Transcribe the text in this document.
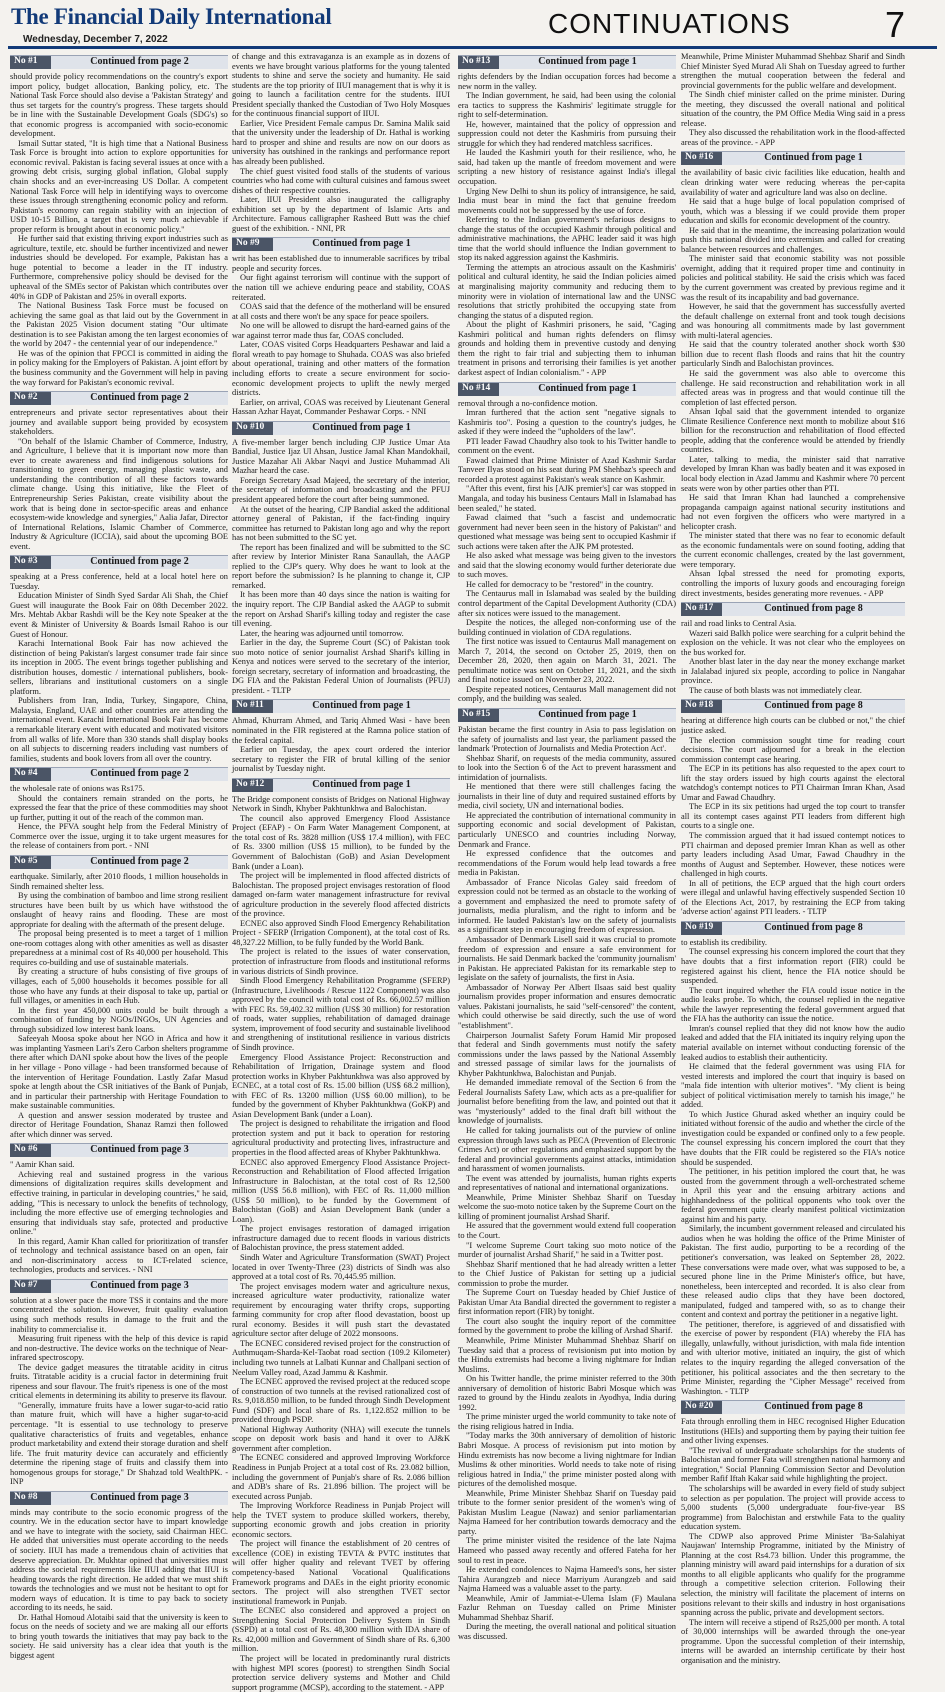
The Financial Daily International
Wednesday, December 7, 2022
CONTINUATIONS	7
No #1	Continued from page 2

should provide policy recommendations on the country's export import policy, budget allocation, Banking policy, etc. The National Task Force should also devise a 'Pakistan Strategy' and thus set targets for the country's progress. These targets should be in line with the Sustainable Development Goals (SDG's) so that economic progress is accompanied with socio-economic development.

Ismail Suttar stated, "It is high time that a National Business Task Force is brought into action to explore opportunities for economic revival. Pakistan is facing several issues at once with a growing debt crisis, surging global inflation, Global supply chain shocks and an ever-increasing US Dollar. A competent National Task Force will help in identifying ways to overcome these issues through strengthening economic policy and reform. Pakistan's economy can regain stability with an injection of USD 10-15 Billion, a target that is very much achievable if proper reform is brought about in economic policy."

He further said that existing thriving export industries such as agriculture, textile, etc. should be further incentivized and newer industries should be developed. For example, Pakistan has a huge potential to become a leader in the IT industry. Furthermore, comprehensive policy should be devised for the upheaval of the SMEs sector of Pakistan which contributes over 40% in GDP of Pakistan and 25% in overall exports.

The National Business Task Force must be focused on achieving the same goal as that laid out by the Government in the Pakistan 2025 Vision document stating "Our ultimate destination is to see Pakistan among the ten largest economies of the world by 2047 - the centennial year of our independence."

He was of the opinion that FPCCI is committed in aiding the in policy making for the Employers of Pakistan. A joint effort by the business community and the Government will help in paving the way forward for Pakistan's economic revival.

No #2	Continued from page 2

entrepreneurs and private sector representatives about their journey and available support being provided by ecosystem stakeholders.

"On behalf of the Islamic Chamber of Commerce, Industry, and Agriculture, I believe that it is important now more than ever to create awareness and find indigenous solutions for transitioning to green energy, managing plastic waste, and understanding the contribution of all these factors towards climate change. Using this initiative, like the Fleet of Entrepreneurship Series Pakistan, create visibility about the work that is being done in sector-specific areas and enhance ecosystem-wide knowledge and synergies," Aalia Jafar, Director of International Relations, Islamic Chamber of Commerce, Industry & Agriculture (ICCIA), said about the upcoming BOE event.

No #3	Continued from page 2

speaking at a Press conference, held at a local hotel here on Tuesday.

Education Minister of Sindh Syed Sardar Ali Shah, the Chief Guest will inaugurate the Book Fair on 08th December 2022. Mrs. Mehtab Akbar Rashdi will be the Key note Speaker at the event & Minister of University & Boards Ismail Rahoo is our Guest of Honour.

Karachi International Book Fair has now achieved the distinction of being Pakistan's largest consumer trade fair since its inception in 2005. The event brings together publishing and distribution houses, domestic / international publishers, book-sellers, librarians and institutional customers on a single platform.

Publishers from Iran, India, Turkey, Singapore, China, Malaysia, England, UAE and other countries are attending the international event. Karachi International Book Fair has become a remarkable literary event with educated and motivated visitors from all walks of life. More than 330 stands shall display books on all subjects to discerning readers including vast numbers of families, students and book lovers from all over the country.

No #4	Continued from page 2

the wholesale rate of onions was Rs175.

Should the containers remain stranded on the ports, he expressed the fear that the price of these commodities may shoot up further, putting it out of the reach of the common man.

Hence, the PFVA sought help from the Federal Ministry of Commerce over the issue, urging it to take urgent measures for the release of containers from port. - NNI

No #5	Continued from page 2

earthquake. Similarly, after 2010 floods, 1 million households in Sindh remained shelter less.

By using the combination of bamboo and lime strong resilient structures have been built by us which have withstood the onslaught of heavy rains and flooding. These are most appropriate for dealing with the aftermath of the present deluge.

The proposal being presented is to meet a target of 1 million one-room cottages along with other amenities as well as disaster preparedness at a minimal cost of Rs 40,000 per household. This requires co-building and use of sustainable materials.

By creating a structure of hubs consisting of five groups of villages, each of 5,000 households it becomes possible for all those who have any funds at their disposal to take up, partial or full villages, or amenities in each Hub.

In the first year 450,000 units could be built through a combination of funding by NGOs/INGOs, UN Agencies and through subsidized low interest bank loans.

Safeeyah Moosa spoke about her NGO in Africa and how it was implanting Yasmeen Lari's Zero Carbon shelters programme there after which DANI spoke about how the lives of the people in her village - Pono village - had been transformed because of the intervention of Heritage Foundation. Lastly Zafar Masud spoke at length about the CSR initiatives of the Bank of Punjab, and in particular their partnership with Heritage Foundation to make sustainable communities.

A question and answer session moderated by trustee and director of Heritage Foundation, Shanaz Ramzi then followed after which dinner was served.

No #6	Continued from page 3

" Aamir Khan said.

Achieving real and sustained progress in the various dimensions of digitalization requires skills development and effective training, in particular in developing countries," he said, adding, "This is necessary to unlock the benefits of technology, including the more effective use of emerging technologies and ensuring that individuals stay safe, protected and productive online."

In this regard, Aamir Khan called for prioritization of transfer of technology and technical assistance based on an open, fair and non-discriminatory access to ICT-related science, technologies, products and services. - NNI

No #7	Continued from page 3

solution at a slower pace the more TSS it contains and the more concentrated the solution. However, fruit quality evaluation using such methods results in damage to the fruit and the inability to commercialise it.

Measuring fruit ripeness with the help of this device is rapid and non-destructive. The device works on the technique of Near-infrared spectroscopy.

The device gadget measures the titratable acidity in citrus fruits. Titratable acidity is a crucial factor in determining fruit ripeness and sour flavour. The fruit's ripeness is one of the most critical elements in determining its ability to preserve its flavour.

"Generally, immature fruits have a lower sugar-to-acid ratio than mature fruit, which will have a higher sugar-to-acid percentage. "It is essential to use technology to preserve qualitative characteristics of fruits and vegetables, enhance product marketability and extend their storage duration and shelf life. The fruit maturity device can accurately and efficiently determine the ripening stage of fruits and classify them into homogenous groups for storage," Dr Shahzad told WealthPK. - INP

No #8	Continued from page 3

minds may contribute to the socio economic progress of the country. We in the education sector have to impart knowledge and we have to integrate with the society, said Chairman HEC. He added that universities must operate according to the needs of society. IIUI has made a tremendous chain of activities that deserve appreciation. Dr. Mukhtar opined that universities must address the societal requirements like IIUI adding that IIUI is heading towards the right direction. He added that we must shift towards the technologies and we must not be hesitant to opt for modern ways of education. It is time to pay back to society according to its needs, he said.

Dr. Hathal Homoud Alotaibi said that the university is keen to focus on the needs of society and we are making all our efforts to bring youth towards the initiatives that may pay back to the society. He said university has a clear idea that youth is the biggest agent

of change and this extravaganza is an example as in dozens of events we have brought various platforms for the young talented students to shine and serve the society and humanity. He said students are the top priority of IIUI management that is why it is going to launch a facilitation centre for the students. IIUI President specially thanked the Custodian of Two Holy Mosques for the continuous financial support of IIUI.

Earlier, Vice President Female campus Dr. Samina Malik said that the university under the leadership of Dr. Hathal is working hard to prosper and shine and results are now on our doors as university has outshined in the rankings and performance report has already been published.

The chief guest visited food stalls of the students of various countries who had come with cultural cuisines and famous sweet dishes of their respective countries.

Later, IIUI President also inaugurated the calligraphy exhibition set up by the department of Islamic Arts and Architecture. Famous calligrapher Rasheed Butt was the chief guest of the exhibition. - NNI, PR

No #9	Continued from page 1

writ has been established due to innumerable sacrifices by tribal people and security forces.

Our fight against terrorism will continue with the support of the nation till we achieve enduring peace and stability, COAS reiterated.

COAS said that the defence of the motherland will be ensured at all costs and there won't be any space for peace spoilers.

No one will be allowed to disrupt the hard-earned gains of the war against terror made thus far, COAS concluded.

Later, COAS visited Corps Headquarters Peshawar and laid a floral wreath to pay homage to Shuhada. COAS was also briefed about operational, training and other matters of the formation including efforts to create a secure environment for socio-economic development projects to uplift the newly merged districts.

Earlier, on arrival, COAS was received by Lieutenant General Hassan Azhar Hayat, Commander Peshawar Corps. - NNI

No #10	Continued from page 1

A five-member larger bench including CJP Justice Umar Ata Bandial, Justice Ijaz Ul Ahsan, Justice Jamal Khan Mandokhail, Justice Mazahar Ali Akbar Naqvi and Justice Muhammad Ali Mazhar heard the case.

Foreign Secretary Asad Majeed, the secretary of the interior, the secretary of information and broadcasting and the PFUJ president appeared before the court after being summoned.

At the outset of the hearing, CJP Bandial asked the additional attorney general of Pakistan, if the fact-finding inquiry committee has returned to Pakistan long ago and why the report has not been submitted to the SC yet.

The report has been finalized and will be submitted to the SC after review by Interior Minister Rana Sanaullah, the AAGP replied to the CJP's query. Why does he want to look at the report before the submission? Is he planning to change it, CJP remarked.

It has been more than 40 days since the nation is waiting for the inquiry report. The CJP Bandial asked the AAGP to submit the report on Arshad Sharif's killing today and register the case till evening.

Later, the hearing was adjourned until tomorrow.

Earlier in the day, the Supreme Court (SC) of Pakistan took suo moto notice of senior journalist Arshad Sharif's killing in Kenya and notices were served to the secretary of the interior, foreign secretary, secretary of information and broadcasting, the DG FIA and the Pakistan Federal Union of Journalists (PFUJ) president. - TLTP

No #11	Continued from page 1

Ahmad, Khurram Ahmed, and Tariq Ahmed Wasi - have been nominated in the FIR registered at the Ramna police station of the federal capital.

Earlier on Tuesday, the apex court ordered the interior secretary to register the FIR of brutal killing of the senior journalist by Tuesday night.

No #12	Continued from page 1

The Bridge component consists of Bridges on National Highway Network in Sindh, Khyber Pakhtunkhwa and Balochistan.

The council also approved Emergency Flood Assistance Project (EFAP) - On Farm Water Management Component, at the total cost of Rs. 3828 million (US$ 17.4 million), with FEC of Rs. 3300 million (US$ 15 million), to be funded by the Government of Balochistan (GoB) and Asian Development Bank (under a Loan).

The project will be implemented in flood affected districts of Balochistan. The proposed project envisages restoration of flood damaged on-farm water management infrastructure for revival of agriculture production in the severely flood affected districts of the province.

ECNEC also approved Sindh Flood Emergency Rehabilitation Project - SFERP (Irrigation Component), at the total cost of Rs. 48,327.22 Million, to be fully funded by the World Bank.

The project is related to the issues of water conservation, protection of infrastructure from floods and institutional reforms in various districts of Sindh province.

Sindh Flood Emergency Rehabilitation Programme (SFERP) (Infrastructure, Livelihoods / Rescue 1122 Component) was also approved by the council with total cost of Rs. 66,002.57 million with FEC Rs. 59,402.32 million (US$ 30 million) for restoration of roads, water supplies, rehabilitation of damaged drainage system, improvement of food security and sustainable livelihood and strengthening of institutional resilience in various districts of Sindh province.

Emergency Flood Assistance Project: Reconstruction and Rehabilitation of Irrigation, Drainage system and flood protection works in Khyber Pakhtunkhwa was also approved by ECNEC, at a total cost of Rs. 15.00 billion (US$ 68.2 million), with FEC of Rs. 13200 million (US$ 60.00 million), to be funded by the government of Khyber Pakhtunkhwa (GoKP) and Asian Development Bank (under a Loan).

The project is designed to rehabilitate the irrigation and flood protection system and put it back to operation for restoring agricultural productivity and protecting lives, infrastructure and properties in the flood affected areas of Khyber Pakhtunkhwa.

ECNEC also approved Emergency Flood Assistance Project-Reconstruction and Rehabilitation of Flood affected Irrigation Infrastructure in Balochistan, at the total cost of Rs 12,500 million (US$ 56.8 million), with FEC of Rs. 11,000 million (US$ 50 million), to be funded by the Government of Balochistan (GoB) and Asian Development Bank (under a Loan).

The project envisages restoration of damaged irrigation infrastructure damaged due to recent floods in various districts of Balochistan province, the press statement added.

Sindh Water and Agriculture Transformation (SWAT) Project located in over Twenty-Three (23) districts of Sindh was also approved at a total cost of Rs. 70,445.95 million.

The project envisages modern water and agriculture nexus, increased agriculture water productivity, rationalize water requirement by encouraging water thrifty crops, supporting farming community for crop after flood devastation, boost up rural economy. Besides it will push start the devastated agriculture sector after deluge of 2022 monsoons.

The ECNEC considered revised project for the construction of Authmuqam-Sharda-Kel-Taobat road section (109.2 Kilometer) including two tunnels at Lalbati Kunnar and Challpani section of Neelum Valley road, Azad Jammu & Kashmir.

The ECNEC approved the revised project at the reduced scope of construction of two tunnels at the revised rationalized cost of Rs. 9,018.850 million, to be funded through Sindh Development Fund (SDF) and local share of Rs. 1,122.852 million to be provided through PSDP.

National Highway Authority (NHA) will execute the tunnels scope on deposit work basis and hand it over to AJ&K government after completion.

The ECNEC considered and approved Improving Workforce Readiness in Punjab Project at a total cost of Rs. 23.082 billion, including the government of Punjab's share of Rs. 2.086 billion and ADB's share of Rs. 21.896 billion. The project will be executed across Punjab.

The Improving Workforce Readiness in Punjab Project will help the TVET system to produce skilled workers, thereby, supporting economic growth and jobs creation in priority economic sectors.

The project will finance the establishment of 20 centres of excellence (COE) in existing TEVTA & PVTC institutes that will offer higher quality and relevant TVET by offering competency-based National Vocational Qualifications Framework programs and DAEs in the eight priority economic sectors. The project will also strengthen TVET sector institutional framework in Punjab.

The ECNEC also considered and approved a project on Strengthening Social Protection Delivery System in Sindh (SSPD) at a total cost of Rs. 48,300 million with IDA share of Rs. 42,000 million and Government of Sindh share of Rs. 6,300 million.

The project will be located in predominantly rural districts with highest MPI scores (poorest) to strengthen Sindh Social protection service delivery systems and Mother and Child support programme (MCSP), according to the statement. - APP

No #13	Continued from page 1

rights defenders by the Indian occupation forces had become a new norm in the valley.

The Indian government, he said, had been using the colonial era tactics to suppress the Kashmiris' legitimate struggle for right to self-determination.

He, however, maintained that the policy of oppression and suppression could not deter the Kashmiris from pursuing their struggle for which they had rendered matchless sacrifices.

He lauded the Kashmiri youth for their resilience, who, he said, had taken up the mantle of freedom movement and were scripting a new history of resistance against India's illegal occupation.

Urging New Delhi to shun its policy of intransigence, he said, India must bear in mind the fact that genuine freedom movements could not be suppressed by the use of force.

Referring to the Indian government's nefarious designs to change the status of the occupied Kashmir through political and administrative machinations, the APHC leader said it was high time that the world should influence the Indian government to stop its naked aggression against the Kashmiris.

Terming the attempts an atrocious assault on the Kashmiris' political and cultural identity, he said the Indian policies aimed at marginalising majority community and reducing them to minority were in violation of international law and the UNSC resolutions that strictly prohibited the occupying state from changing the status of a disputed region.

About the plight of Kashmiri prisoners, he said, "Caging Kashmiri political and human rights defenders on flimsy grounds and holding them in preventive custody and denying them the right to fair trial and subjecting them to inhuman treatment in prisons and terrorising their families is yet another darkest aspect of Indian colonialism." - APP

No #14	Continued from page 1

removal through a no-confidence motion.

Imran furthered that the action sent "negative signals to Kashmiris too". Posing a question to the country's judges, he asked if they were indeed the "upholders of the law".

PTI leader Fawad Chaudhry also took to his Twitter handle to comment on the event.

Fawad claimed that Prime Minister of Azad Kashmir Sardar Tanveer Ilyas stood on his seat during PM Shehbaz's speech and recorded a protest against Pakistan's weak stance on Kashmir.

"After this event, first his [AJK premier's] car was stopped in Mangala, and today his business Centaurs Mall in Islamabad has been sealed," he stated.

Fawad claimed that "such a fascist and undemocratic government had never been seen in the history of Pakistan" and questioned what message was being sent to occupied Kashmir if such actions were taken after the AJK PM protested.

He also asked what message was being given to the investors and said that the slowing economy would further deteriorate due to such moves.

He called for democracy to be "restored" in the country.

The Centaurus mall in Islamabad was sealed by the building control department of the Capital Development Authority (CDA) after six notices were issued to the management.

Despite the notices, the alleged non-conforming use of the building continued in violation of CDA regulations.

The first notice was issued to Centaurus Mall management on March 7, 2014, the second on October 25, 2019, then on December 28, 2020, then again on March 31, 2021. The penultimate notice was sent on October 11, 2021, and the sixth and final notice issued on November 23, 2022.

Despite repeated notices, Centaurus Mall management did not comply, and the building was sealed.

No #15	Continued from page 1

Pakistan became the first country in Asia to pass legislation on the safety of journalists and last year, the parliament passed the landmark 'Protection of Journalists and Media Protection Act'.

Shehbaz Sharif, on requests of the media community, assured to look into the Section 6 of the Act to prevent harassment and intimidation of journalists.

He mentioned that there were still challenges facing the journalists in their line of duty and required sustained efforts by media, civil society, UN and international bodies.

He appreciated the contribution of international community in supporting economic and social development of Pakistan, particularly UNESCO and countries including Norway, Denmark and France.

He expressed confidence that the outcomes and recommendations of the Forum would help lead towards a free media in Pakistan.

Ambassador of France Nicolas Galey said freedom of expression could not be termed as an obstacle to the working of a government and emphasized the need to promote safety of journalists, media pluralism, and the right to inform and be informed. He lauded Pakistan's law on the safety of journalists as a significant step in encouraging freedom of expression.

Ambassador of Denmark Lisell said it was crucial to promote freedom of expression and ensure a safe environment for journalists. He said Denmark backed the 'community journalism' in Pakistan. He appreciated Pakistan for its remarkable step to legislate on the safety of journalists, the first in Asia.

Ambassador of Norway Per Albert Ilsaas said best quality journalism provides proper information and ensures democratic values. Pakistani journalists, he said "self-censored" the content, which could otherwise be said directly, such the use of word "establishment".

Chairperson Journalist Safety Forum Hamid Mir proposed that federal and Sindh governments must notify the safety commissions under the laws passed by the National Assembly and stressed passage of similar laws for the journalists of Khyber Pakhtunkhwa, Balochistan and Punjab.

He demanded immediate removal of the Section 6 from the Federal Journalists Safety Law, which acts as a pre-qualifier for journalist before benefiting from the law, and pointed out that it was "mysteriously" added to the final draft bill without the knowledge of journalists.

He called for taking journalists out of the purview of online expression through laws such as PECA (Prevention of Electronic Crimes Act) or other regulations and emphasized support by the federal and provincial governments against attacks, intimidation and harassment of women journalists.

The event was attended by journalists, human rights experts and representatives of national and international organizations.

Meanwhile, Prime Minister Shehbaz Sharif on Tuesday welcome the suo-moto notice taken by the Supreme Court on the killing of prominent journalist Arshad Sharif.

He assured that the government would extend full cooperation to the Court.

"I welcome Supreme Court taking suo moto notice of the murder of journalist Arshad Sharif," he said in a Twitter post.

Shehbaz Sharif mentioned that he had already written a letter to the Chief Justice of Pakistan for setting up a judicial commission to probe the murder.

The Supreme Court on Tuesday headed by Chief Justice of Pakistan Umar Ata Bandial directed the government to register a first information report (FIR) by tonight.

The court also sought the inquiry report of the committee formed by the government to probe the killing of Arshad Sharif.

Meanwhile, Prime Minister Muhammad Shehbaz Sharif on Tuesday said that a process of revisionism put into motion by the Hindu extremists had become a living nightmare for Indian Muslims.

On his Twitter handle, the prime minister referred to the 30th anniversary of demolition of historic Babri Mosque which was razed to ground by the Hindu zealots in Ayodhya, India during 1992.

The prime minister urged the world community to take note of the rising religious hatred in India.

"Today marks the 30th anniversary of demolition of historic Babri Mosque. A process of revisionism put into motion by Hindu extremists has now become a living nightmare for Indian Muslims & other minorities. World needs to take note of rising religious hatred in India," the prime minister posted along with pictures of the demolished mosque.

Meanwhile, Prime Minister Shehbaz Sharif on Tuesday paid tribute to the former senior president of the women's wing of Pakistan Muslim League (Nawaz) and senior parliamentarian Najma Hameed for her contribution towards democracy and the party.

The prime minister visited the residence of the late Najma Hameed who passed away recently and offered Fateha for her soul to rest in peace.

He extended condolences to Najma Hameed's sons, her sister Tahira Aurangzeb and niece Marriyum Aurangzeb and said Najma Hameed was a valuable asset to the party.

Meanwhile, Amir of Jammiat-e-Ulema Islam (F) Maulana Fazlur Rehman on Tuesday called on Prime Minister Muhammad Shehbaz Sharif.

During the meeting, the overall national and political situation was discussed.

Meanwhile, Prime Minister Muhammad Shehbaz Sharif and Sindh Chief Minister Syed Murad Ali Shah on Tuesday agreed to further strengthen the mutual cooperation between the federal and provincial governments for the public welfare and development.

The Sindh chief minister called on the prime minister. During the meeting, they discussed the overall national and political situation of the country, the PM Office Media Wing said in a press release.

They also discussed the rehabilitation work in the flood-affected areas of the province. - APP

No #16	Continued from page 1

the availability of basic civic facilities like education, health and clean drinking water were reducing whereas the per-capita availability of water and agriculture land was also on decline.

He said that a huge bulge of local population comprised of youth, which was a blessing if we could provide them proper education and skills for economic development of the country.

He said that in the meantime, the increasing polarization would push this national divided into extremism and called for creating balance between resources and challenges.

The minister said that economic stability was not possible overnight, adding that it required proper time and continuity in policies and political stability. He said the crisis which was faced by the current government was created by previous regime and it was the result of its incapability and bad governance.

However, he said that the government has successfully averted the default challenge on external front and took tough decisions and was honouring all commitments made by last government with multi-lateral agencies.

He said that the country tolerated another shock worth $30 billion due to recent flash floods and rains that hit the country particularly Sindh and Balochistan provinces.

He said the government was also able to overcome this challenge. He said reconstruction and rehabilitation work in all affected areas was in progress and that would continue till the completion of last effected person.

Ahsan Iqbal said that the government intended to organize Climate Resilience Conference next month to mobilize about $16 billion for the reconstruction and rehabilitation of flood effected people, adding that the conference would be attended by friendly countries.

Later, talking to media, the minister said that narrative developed by Imran Khan was badly beaten and it was exposed in local body election in Azad Jammu and Kashmir where 70 percent seats were won by other parties other than PTI.

He said that Imran Khan had launched a comprehensive propaganda campaign against national security institutions and had not even forgiven the officers who were martyred in a helicopter crash.

The minister stated that there was no fear to economic default as the economic fundamentals were on sound footing, adding that the current economic challenges, created by the last government, were temporary.

Ahsan Iqbal stressed the need for promoting exports, controlling the imports of luxury goods and encouraging foreign direct investments, besides generating more revenues. - APP

No #17	Continued from page 8

rail and road links to Central Asia.

Wazeri said Balkh police were searching for a culprit behind the explosion on the vehicle. It was not clear who the employees on the bus worked for.

Another blast later in the day near the money exchange market in Jalalabad injured six people, according to police in Nangahar province.

The cause of both blasts was not immediately clear.

No #18	Continued from page 8

hearing at difference high courts can be clubbed or not," the chief justice asked.

The election commission sought time for reading court decisions. The court adjourned for a break in the election commission contempt case hearing.

The ECP in its petitions has also requested to the apex court to lift the stay orders issued by high courts against the electoral watchdog's contempt notices to PTI Chairman Imran Khan, Asad Umar and Fawad Chaudhry.

The ECP in its six petitions had urged the top court to transfer all its contempt cases against PTI leaders from different high courts to a single one.

The commission argued that it had issued contempt notices to PTI chairman and deposed premier Imran Khan as well as other party leaders including Asad Umar, Fawad Chaudhry in the months of August and September. However, these notices were challenged in high courts.

In all of petitions, the ECP argued that the high court orders were illegal and unlawful having effectively suspended Section 10 of the Elections Act, 2017, by restraining the ECP from taking 'adverse action' against PTI leaders. - TLTP

No #19	Continued from page 8

to establish its credibility.

The counsel expressing his concern implored the court that they have doubts that a first information report (FIR) could be registered against his client, hence the FIA notice should be suspended.

The court inquired whether the FIA could issue notice in the audio leaks probe. To which, the counsel replied in the negative while the lawyer representing the federal government argued that the FIA has the authority can issue the notice.

Imran's counsel replied that they did not know how the audio leaked and added that the FIA initiated its inquiry relying upon the material available on internet without conducting forensic of the leaked audios to establish their authenticity.

He claimed that the federal government was using FIA for vested interests and implored the court that inquiry is based on "mala fide intention with ulterior motives". "My client is being subject of political victimisation merely to tarnish his image," he added.

To which Justice Ghurad asked whether an inquiry could be initiated without forensic of the audio and whether the circle of the investigation could be expanded or confined only to a few people. The counsel expressing his concern implored the court that they have doubts that the FIR could be registered so the FIA's notice should be suspended.

The petitioner, in his petition implored the court that, he was ousted from the government through a well-orchestrated scheme in April this year and the ensuing arbitrary actions and highhandedness of the political opponents who took over the federal government quite clearly manifest political victimization against him and his party.

Similarly, the incumbent government released and circulated his audios when he was holding the office of the Prime Minister of Pakistan. The first audio, purporting to be a recording of the petitioner's conversation, was leaked on September 28, 2022. These conversations were made over, what was supposed to be, a secured phone line in the Prime Minister's office, but have, nonetheless, been intercepted and recorded. It is also clear from these released audio clips that they have been doctored, manipulated, fudged and tampered with, so as to change their content and context and portray the petitioner in a negative light.

The petitioner, therefore, is aggrieved of and dissatisfied with the exercise of power by respondent (FIA) whereby the FIA has illegally, unlawfully, without jurisdiction, with mala fide intention and with ulterior motive, initiated an inquiry, the gist of which relates to the inquiry regarding the alleged conversation of the petitioner, his political associates and the then secretary to the Prime Minister, regarding the "Cipher Message" received from Washington. - TLTP

No #20	Continued from page 8

Fata through enrolling them in HEC recognised Higher Education Institutions (HEIs) and supporting them by paying their tuition fee and other living expenses.

"The revival of undergraduate scholarships for the students of Balochistan and former Fata will strengthen national harmony and integration," Social Planning Commission Sector and Devolution member Rafif Iftah Kakar said while highlighting the project.

The scholarships will be awarded in every field of study subject to selection as per population. The project will provide access to 5,000 students (5,000 undergraduate four-five-year BS programme) from Balochistan and erstwhile Fata to the quality education system.

The CDWP also approved Prime Minister 'Ba-Salahiyat Naujawan' Internship Programme, initiated by the Ministry of Planning at the cost Rs4.73 billion. Under this programme, the planning ministry will award paid internships for a duration of six months to all eligible applicants who qualify for the programme through a competitive selection criterion. Following their selection, the ministry will facilitate the placement of interns on positions relevant to their skills and industry in host organisations spanning across the public, private and development sectors.

The intern will receive a stipend of Rs25,000 per month. A total of 30,000 internships will be awarded through the one-year programme. Upon the successful completion of their internship, interns will be awarded an internship certificate by their host organisation and the ministry.
